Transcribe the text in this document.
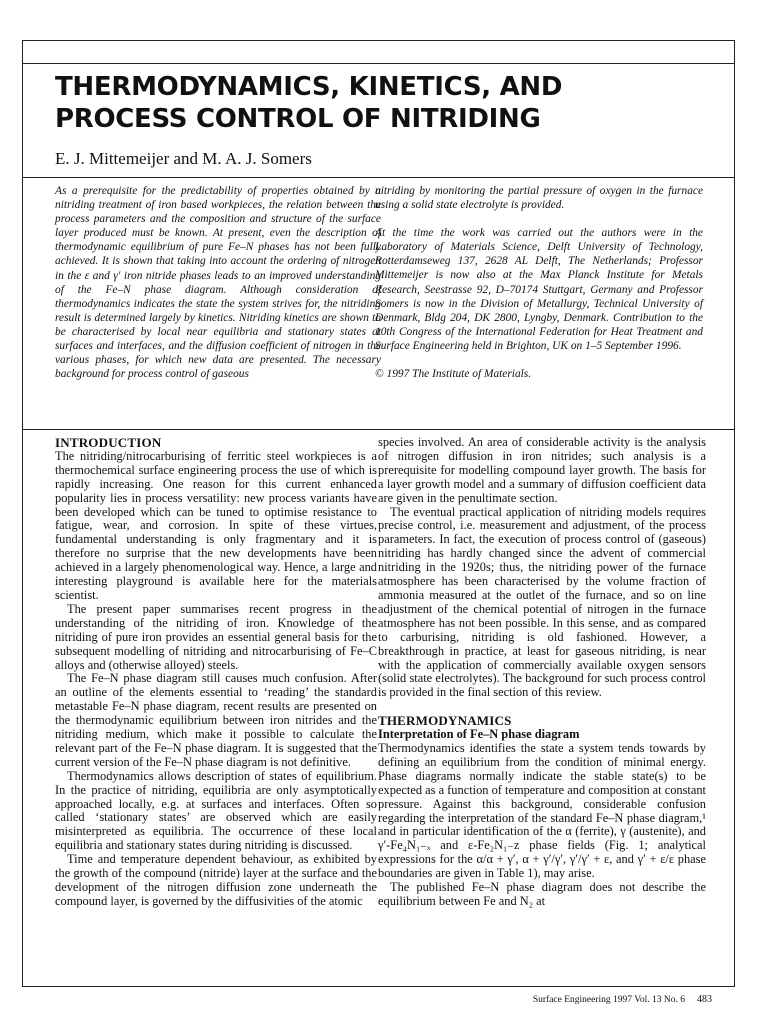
THERMODYNAMICS, KINETICS, AND
PROCESS CONTROL OF NITRIDING
E. J. Mittemeijer and M. A. J. Somers

As a prerequisite for the predictability of properties obtained by a nitriding treatment of iron based workpieces, the relation between the process parameters and the composition and structure of the surface layer produced must be known. At present, even the description of thermodynamic equilibrium of pure Fe–N phases has not been fully achieved. It is shown that taking into account the ordering of nitrogen in the ε and γ′ iron nitride phases leads to an improved understanding of the Fe–N phase diagram. Although consideration of thermodynamics indicates the state the system strives for, the nitriding result is determined largely by kinetics. Nitriding kinetics are shown to be characterised by local near equilibria and stationary states at surfaces and interfaces, and the diffusion coefficient of nitrogen in the various phases, for which new data are presented. The necessary background for process control of gaseous

nitriding by monitoring the partial pressure of oxygen in the furnace using a solid state electrolyte is provided.

At the time the work was carried out the authors were in the Laboratory of Materials Science, Delft University of Technology, Rotterdamseweg 137, 2628 AL Delft, The Netherlands; Professor Mittemeijer is now also at the Max Planck Institute for Metals Research, Seestrasse 92, D–70174 Stuttgart, Germany and Professor Somers is now in the Division of Metallurgy, Technical University of Denmark, Bldg 204, DK 2800, Lyngby, Denmark. Contribution to the 10th Congress of the International Federation for Heat Treatment and Surface Engineering held in Brighton, UK on 1–5 September 1996.

© 1997 The Institute of Materials.

INTRODUCTION

The nitriding/nitrocarburising of ferritic steel workpieces is a thermochemical surface engineering process the use of which is rapidly increasing. One reason for this current enhanced popularity lies in process versatility: new process variants have been developed which can be tuned to optimise resistance to fatigue, wear, and corrosion. In spite of these virtues, fundamental understanding is only fragmentary and it is therefore no surprise that the new developments have been achieved in a largely phenomenological way. Hence, a large and interesting playground is available here for the materials scientist.

The present paper summarises recent progress in the understanding of the nitriding of iron. Knowledge of the nitriding of pure iron provides an essential general basis for the subsequent modelling of nitriding and nitrocarburising of Fe–C alloys and (otherwise alloyed) steels.

The Fe–N phase diagram still causes much confusion. After an outline of the elements essential to ‘reading’ the standard metastable Fe–N phase diagram, recent results are presented on the thermodynamic equilibrium between iron nitrides and the nitriding medium, which make it possible to calculate the relevant part of the Fe–N phase diagram. It is suggested that the current version of the Fe–N phase diagram is not definitive.

Thermodynamics allows description of states of equilibrium. In the practice of nitriding, equilibria are only asymptotically approached locally, e.g. at surfaces and interfaces. Often so called ‘stationary states’ are observed which are easily misinterpreted as equilibria. The occurrence of these local equilibria and stationary states during nitriding is discussed.

Time and temperature dependent behaviour, as exhibited by the growth of the compound (nitride) layer at the surface and the development of the nitrogen diffusion zone underneath the compound layer, is governed by the diffusivities of the atomic

species involved. An area of considerable activity is the analysis of nitrogen diffusion in iron nitrides; such analysis is a prerequisite for modelling compound layer growth. The basis for a layer growth model and a summary of diffusion coefficient data are given in the penultimate section.

The eventual practical application of nitriding models requires precise control, i.e. measurement and adjustment, of the process parameters. In fact, the execution of process control of (gaseous) nitriding has hardly changed since the advent of commercial nitriding in the 1920s; thus, the nitriding power of the furnace atmosphere has been characterised by the volume fraction of ammonia measured at the outlet of the furnace, and so on line adjustment of the chemical potential of nitrogen in the furnace atmosphere has not been possible. In this sense, and as compared to carburising, nitriding is old fashioned. However, a breakthrough in practice, at least for gaseous nitriding, is near with the application of commercially available oxygen sensors (solid state electrolytes). The background for such process control is provided in the final section of this review.

THERMODYNAMICS
Interpretation of Fe–N phase diagram

Thermodynamics identifies the state a system tends towards by defining an equilibrium from the condition of minimal energy. Phase diagrams normally indicate the stable state(s) to be expected as a function of temperature and composition at constant pressure. Against this background, considerable confusion regarding the interpretation of the standard Fe–N phase diagram,¹ and in particular identification of the α (ferrite), γ (austenite), and γ′-Fe₄N₁₋ₓ and ε-Fe₂N₁₋z phase fields (Fig. 1; analytical expressions for the α/α + γ′, α + γ′/γ′, γ′/γ′ + ε, and γ′ + ε/ε phase boundaries are given in Table 1), may arise.

The published Fe–N phase diagram does not describe the equilibrium between Fe and N₂ at

Surface Engineering 1997 Vol. 13 No. 6 483
